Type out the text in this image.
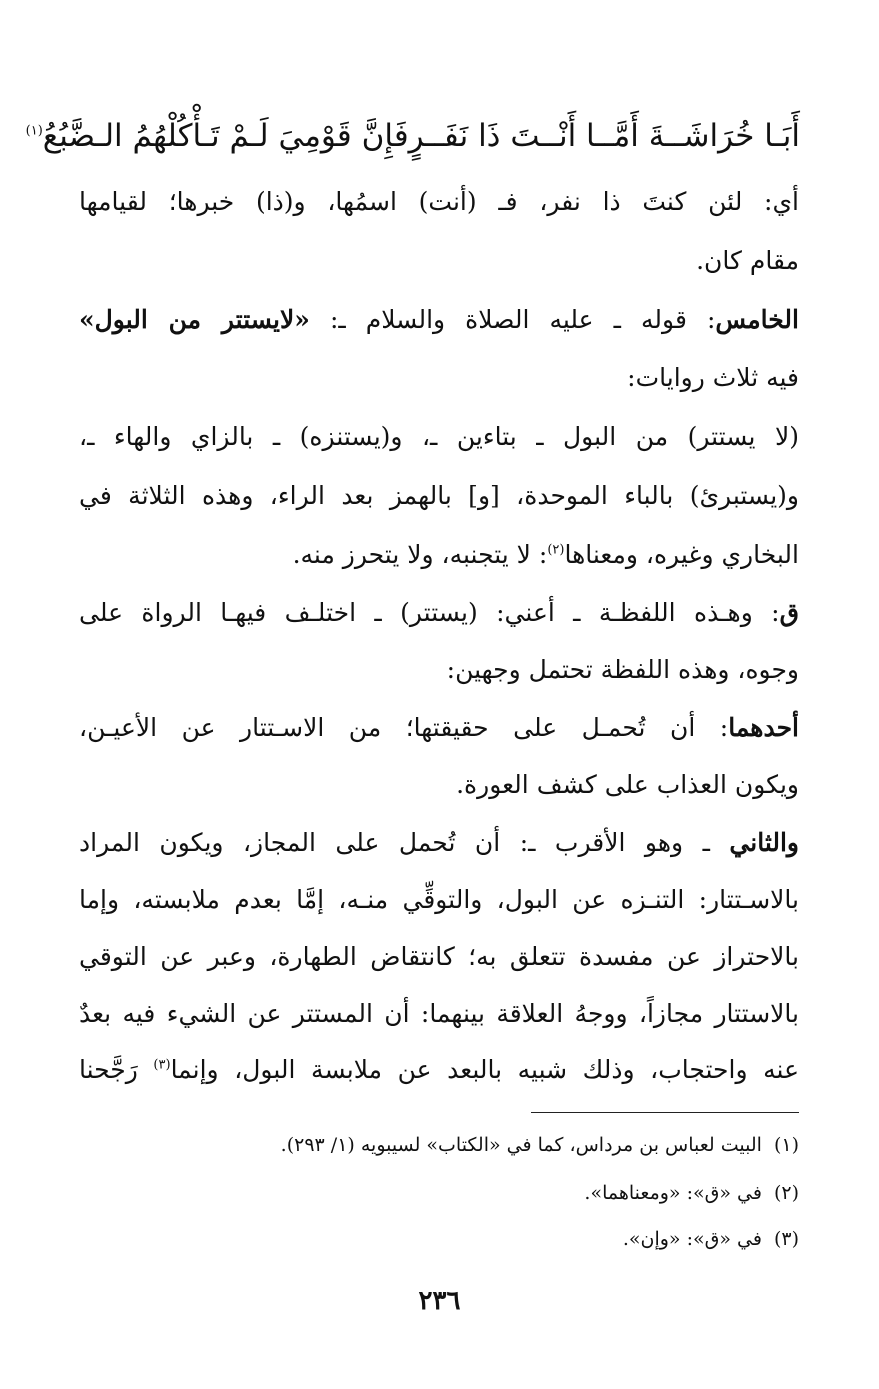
أَبَـا خُرَاشَــةَ أَمَّــا أَنْــتَ ذَا نَفَــرٍ
فَإِنَّ قَوْمِيَ لَـمْ تَـأْكُلْهُمُ الـضَّبُعُ$^{(١)}$
أي: لئن كنتَ ذا نفر، فـ (أنت) اسمُها، و(ذا) خبرها؛ لقيامها
مقام كان.
الخامس: قوله ـ عليه الصلاة والسلام ـ: «لايستتر من البول»
فيه ثلاث روايات:
(لا يستتر) من البول ـ بتاءين ـ، و(يستنزه) ـ بالزاي والهاء ـ،
و(يستبرئ) بالباء الموحدة، [و] بالهمز بعد الراء، وهذه الثلاثة في
البخاري وغيره، ومعناها$^{(٢)}$: لا يتجنبه، ولا يتحرز منه.
ق: وهـذه اللفظـة ـ أعني: (يستتر) ـ اختلـف فيهـا الرواة على
وجوه، وهذه اللفظة تحتمل وجهين:
أحدهما: أن تُحمـل على حقيقتها؛ من الاسـتتار عن الأعيـن،
ويكون العذاب على كشف العورة.
والثاني ـ وهو الأقرب ـ: أن تُحمل على المجاز، ويكون المراد
بالاسـتتار: التنـزه عن البول، والتوقِّي منـه، إمَّا بعدم ملابسته، وإما
بالاحتراز عن مفسدة تتعلق به؛ كانتقاض الطهارة، وعبر عن التوقي
بالاستتار مجازاً، ووجهُ العلاقة بينهما: أن المستتر عن الشيء فيه بعدٌ
عنه واحتجاب، وذلك شبيه بالبعد عن ملابسة البول، وإنما$^{(٣)}$ رَجَّحنا
(١)البيت لعباس بن مرداس، كما في «الكتاب» لسيبويه (١/ ٢٩٣).
(٢)في «ق»: «ومعناهما».
(٣)في «ق»: «وإن».
٢٣٦
